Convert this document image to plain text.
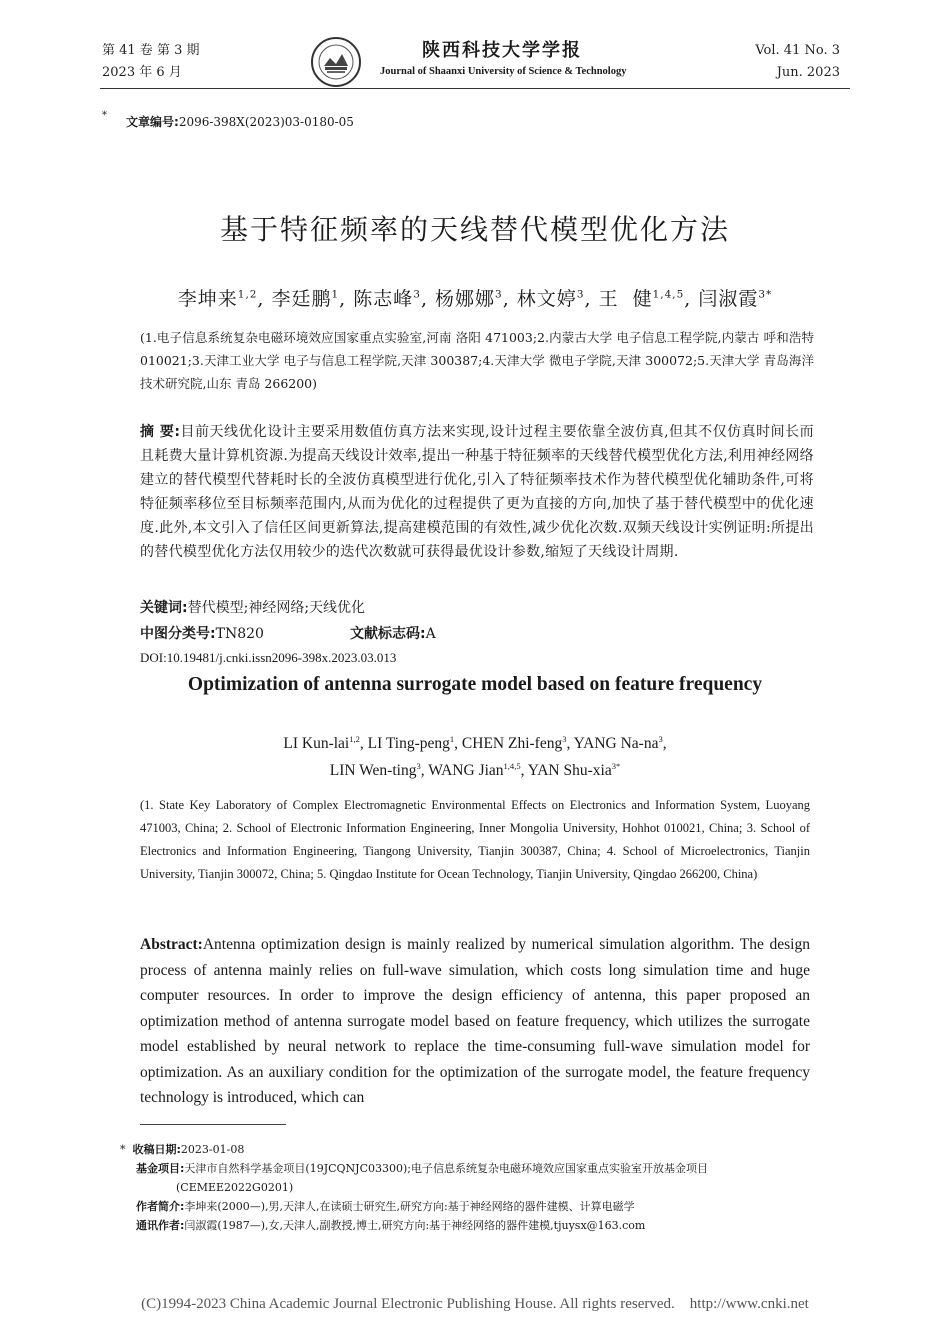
第 41 卷 第 3 期
2023 年 6 月
陕西科技大学学报
Journal of Shaanxi University of Science & Technology
Vol. 41 No. 3
Jun. 2023
* 文章编号:2096-398X(2023)03-0180-05
基于特征频率的天线替代模型优化方法
李坤来$^{1,2}$, 李廷鹏$^1$, 陈志峰$^3$, 杨娜娜$^3$, 林文婷$^3$, 王  健$^{1,4,5}$, 闫淑霞$^{3*}$
(1.电子信息系统复杂电磁环境效应国家重点实验室,河南 洛阳 471003;2.内蒙古大学 电子信息工程学院,内蒙古 呼和浩特 010021;3.天津工业大学 电子与信息工程学院,天津 300387;4.天津大学 微电子学院,天津 300072;5.天津大学 青岛海洋技术研究院,山东 青岛 266200)
摘 要:目前天线优化设计主要采用数值仿真方法来实现,设计过程主要依靠全波仿真,但其不仅仿真时间长而且耗费大量计算机资源.为提高天线设计效率,提出一种基于特征频率的天线替代模型优化方法,利用神经网络建立的替代模型代替耗时长的全波仿真模型进行优化,引入了特征频率技术作为替代模型优化辅助条件,可将特征频率移位至目标频率范围内,从而为优化的过程提供了更为直接的方向,加快了基于替代模型中的优化速度.此外,本文引入了信任区间更新算法,提高建模范围的有效性,减少优化次数.双频天线设计实例证明:所提出的替代模型优化方法仅用较少的迭代次数就可获得最优设计参数,缩短了天线设计周期.
关键词:替代模型;神经网络;天线优化
中图分类号:TN820	文献标志码:A
DOI:10.19481/j.cnki.issn2096-398x.2023.03.013
Optimization of antenna surrogate model based on feature frequency
LI Kun-lai$^{1,2}$, LI Ting-peng$^1$, CHEN Zhi-feng$^3$, YANG $Na-na^3$,
LIN Wen-ting$^3$, WANG Jian$^{1,4,5}$, YAN Shu-xia$^{3*}$
(1. State Key Laboratory of Complex Electromagnetic Environmental Effects on Electronics and Information System, Luoyang 471003, China; 2. School of Electronic Information Engineering, Inner Mongolia University, Hohhot 010021, China; 3. School of Electronics and Information Engineering, Tiangong University, Tianjin 300387, China; 4. School of Microelectronics, Tianjin University, Tianjin 300072, China; 5. Qingdao Institute for Ocean Technology, Tianjin University, Qingdao 266200, China)
Abstract:Antenna optimization design is mainly realized by numerical simulation algorithm. The design process of antenna mainly relies on full-wave simulation, which costs long simulation time and huge computer resources. In order to improve the design efficiency of antenna, this paper proposed an optimization method of antenna surrogate model based on feature frequency, which utilizes the surrogate model established by neural network to replace the time-consuming full-wave simulation model for optimization. As an auxiliary condition for the optimization of the surrogate model, the feature frequency technology is introduced, which can
* 收稿日期:2023-01-08
基金项目:天津市自然科学基金项目(19JCQNJC03300);电子信息系统复杂电磁环境效应国家重点实验室开放基金项目
(CEMEE2022G0201)
作者简介:李坤来(2000—),男,天津人,在读硕士研究生,研究方向:基于神经网络的器件建模、计算电磁学
通讯作者:闫淑霞(1987—),女,天津人,副教授,博士,研究方向:基于神经网络的器件建模,tjuysx@163.com
(C)1994-2023 China Academic Journal Electronic Publishing House. All rights reserved.    http://www.cnki.net
